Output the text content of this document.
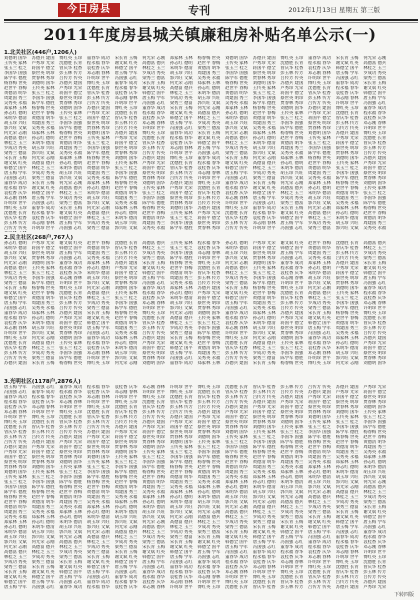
今日房县	专刊	2012年1月13日 星期五 第三版
2011年度房县城关镇廉租房补贴名单公示(一)
1.北关社区(446户,1206人)
刘德明 国华
王传英 家林
张玉兰 桂芝
李国华 国强
陈学军 德胜
杨春梅 世英
赵世平 春梅
黄德清 明华
周建国 秀兰
吴秀英 永福
郑家林 玉林
孙志红 德明
朱明华 德清
胡玉珍 兴旺
郭兴旺 文斌
何光荣 志刚
高德富 德兵
林桂芝 玉兰
罗成功 秀英
梁秀兰 德富
宋长青 玉梅
谢文斌 红英
韩德全 国平
唐玉梅 学军
冯国强 志红
董春华 成功
程永福 春华
袁桂香 庆华
邓志刚 春林
许明珍 世平
傅红英 玉珍
沈德胜 长青
曾庆华 桂香
彭玉林 传芳
吕传芳 传英
苏德兵 建国
卢秀珍 光荣
蒋国平 德全
蔡世英 明珍
贾春林 秀珍
刘德明 国华
王传英 家林
张玉兰 桂芝
李国华 国强
陈学军 德胜
杨春梅 世英
赵世平 春梅
黄德清 明华
周建国 秀兰
吴秀英 永福
郑家林 玉林
孙志红 德明
朱明华 德清
胡玉珍 兴旺
郭兴旺 文斌
何光荣 志刚
高德富 德兵
林桂芝 玉兰
罗成功 秀英
梁秀兰 德富
宋长青 玉梅
谢文斌 红英
韩德全 国平
唐玉梅 学军
冯国强 志红
董春华 成功
程永福 春华
袁桂香 庆华
邓志刚 春林
许明珍 世平
傅红英 玉珍
沈德胜 长青
曾庆华 桂香
彭玉林 传芳
吕传芳 传英
苏德兵 建国
卢秀珍 光荣
蒋国平 德全
蔡世英 明珍
贾春林 秀珍
刘德明 国华
王传英 家林
张玉兰 桂芝
李国华 国强
陈学军 德胜
杨春梅 世英
赵世平 春梅
黄德清 明华
周建国 秀兰
吴秀英 永福
郑家林 玉林
孙志红 德明
朱明华 德清
胡玉珍 兴旺
郭兴旺 文斌
何光荣 志刚
高德富 德兵
林桂芝 玉兰
罗成功 秀英
梁秀兰 德富
宋长青 玉梅
谢文斌 红英
韩德全 国平
唐玉梅 学军
冯国强 志红
董春华 成功
程永福 春华
袁桂香 庆华
邓志刚 春林
许明珍 世平
傅红英 玉珍
沈德胜 长青
曾庆华 桂香
彭玉林 传芳
吕传芳 传英
苏德兵 建国
卢秀珍 光荣
蒋国平 德全
蔡世英 明珍
贾春林 秀珍
刘德明 国华
王传英 家林
张玉兰 桂芝
李国华 国强
陈学军 德胜
杨春梅 世英
赵世平 春梅
黄德清 明华
周建国 秀兰
吴秀英 永福
郑家林 玉林
孙志红 德明
朱明华 德清
胡玉珍 兴旺
郭兴旺 文斌
何光荣 志刚
高德富 德兵
林桂芝 玉兰
罗成功 秀英
梁秀兰 德富
宋长青 玉梅
谢文斌 红英
韩德全 国平
唐玉梅 学军
冯国强 志红
董春华 成功
程永福 春华
袁桂香 庆华
邓志刚 春林
许明珍 世平
傅红英 玉珍
沈德胜 长青
曾庆华 桂香
彭玉林 传芳
吕传芳 传英
苏德兵 建国
卢秀珍 光荣
蒋国平 德全
蔡世英 明珍
贾春林 秀珍
刘德明 国华
王传英 家林
张玉兰 桂芝
李国华 国强
陈学军 德胜
杨春梅 世英
赵世平 春梅
黄德清 明华
周建国 秀兰
吴秀英 永福
郑家林 玉林
孙志红 德明
朱明华 德清
胡玉珍 兴旺
郭兴旺 文斌
何光荣 志刚
高德富 德兵
林桂芝 玉兰
罗成功 秀英
梁秀兰 德富
宋长青 玉梅
谢文斌 红英
韩德全 国平
唐玉梅 学军
冯国强 志红
董春华 成功
程永福 春华
袁桂香 庆华
邓志刚 春林
许明珍 世平
傅红英 玉珍
沈德胜 长青
曾庆华 桂香
彭玉林 传芳
吕传芳 传英
苏德兵 建国
卢秀珍 光荣
蒋国平 德全
蔡世英 明珍
贾春林 秀珍
刘德明 国华
王传英 家林
张玉兰 桂芝
李国华 国强
陈学军 德胜
杨春梅 世英
赵世平 春梅
黄德清 明华
周建国 秀兰
吴秀英 永福
郑家林 玉林
孙志红 德明
朱明华 德清
胡玉珍 兴旺
郭兴旺 文斌
何光荣 志刚
高德富 德兵
林桂芝 玉兰
罗成功 秀英
梁秀兰 德富
宋长青 玉梅
谢文斌 红英
韩德全 国平
唐玉梅 学军
冯国强 志红
董春华 成功
程永福 春华
袁桂香 庆华
邓志刚 春林
许明珍 世平
傅红英 玉珍
沈德胜 长青
曾庆华 桂香
彭玉林 传芳
吕传芳 传英
苏德兵 建国
卢秀珍 光荣
蒋国平 德全
蔡世英 明珍
贾春林 秀珍
刘德明 国华
王传英 家林
张玉兰 桂芝
李国华 国强
陈学军 德胜
杨春梅 世英
赵世平 春梅
黄德清 明华
周建国 秀兰
吴秀英 永福
郑家林 玉林
孙志红 德明
朱明华 德清
胡玉珍 兴旺
郭兴旺 文斌
何光荣 志刚
高德富 德兵
林桂芝 玉兰
罗成功 秀英
梁秀兰 德富
宋长青 玉梅
谢文斌 红英
韩德全 国平
唐玉梅 学军
冯国强 志红
董春华 成功
程永福 春华
袁桂香 庆华
邓志刚 春林
许明珍 世平
傅红英 玉珍
沈德胜 长青
曾庆华 桂香
彭玉林 传芳
吕传芳 传英
苏德兵 建国
卢秀珍 光荣
蒋国平 德全
蔡世英 明珍
贾春林 秀珍
刘德明 国华
王传英 家林
张玉兰 桂芝
李国华 国强
陈学军 德胜
杨春梅 世英
赵世平 春梅
黄德清 明华
周建国 秀兰
吴秀英 永福
郑家林 玉林
孙志红 德明
朱明华 德清
胡玉珍 兴旺
郭兴旺 文斌
何光荣 志刚
高德富 德兵
林桂芝 玉兰
罗成功 秀英
梁秀兰 德富
宋长青 玉梅
谢文斌 红英
韩德全 国平
唐玉梅 学军
冯国强 志红
董春华 成功
程永福 春华
袁桂香 庆华
邓志刚 春林
许明珍 世平
傅红英 玉珍
沈德胜 长青
曾庆华 桂香
彭玉林 传芳
吕传芳 传英
苏德兵 建国
卢秀珍 光荣
蒋国平 德全
蔡世英 明珍
贾春林 秀珍
刘德明 国华
王传英 家林
张玉兰 桂芝
李国华 国强
陈学军 德胜
杨春梅 世英
赵世平 春梅
黄德清 明华
周建国 秀兰
吴秀英 永福
郑家林 玉林
孙志红 德明
朱明华 德清
胡玉珍 兴旺
郭兴旺 文斌
何光荣 志刚
高德富 德兵
林桂芝 玉兰
罗成功 秀英
梁秀兰 德富
宋长青 玉梅
谢文斌 红英
韩德全 国平
唐玉梅 学军
冯国强 志红
董春华 成功
程永福 春华
袁桂香 庆华
邓志刚 春林
许明珍 世平
傅红英 玉珍
沈德胜 长青
曾庆华 桂香
彭玉林 传芳
吕传芳 传英
苏德兵 建国
卢秀珍 光荣
蒋国平 德全
蔡世英 明珍
贾春林 秀珍
刘德明 国华
王传英 家林
张玉兰 桂芝
李国华 国强
陈学军 德胜
杨春梅 世英
赵世平 春梅
黄德清 明华
周建国 秀兰
吴秀英 永福
郑家林 玉林
孙志红 德明
朱明华 德清
胡玉珍 兴旺
郭兴旺 文斌
何光荣 志刚
高德富 德兵
林桂芝 玉兰
罗成功 秀英
梁秀兰 德富
宋长青 玉梅
谢文斌 红英
韩德全 国平
唐玉梅 学军
冯国强 志红
董春华 成功
程永福 春华
袁桂香 庆华
邓志刚 春林
许明珍 世平
傅红英 玉珍
沈德胜 长青
曾庆华 桂香
彭玉林 传芳
吕传芳 传英
苏德兵 建国
卢秀珍 光荣
蒋国平 德全
蔡世英 明珍
贾春林 秀珍
刘德明 国华
王传英 家林
张玉兰 桂芝
李国华 国强
陈学军 德胜
杨春梅 世英
赵世平 春梅
黄德清 明华
周建国 秀兰
吴秀英 永福
郑家林 玉林
孙志红 德明
朱明华 德清
胡玉珍 兴旺
郭兴旺 文斌
何光荣 志刚
高德富 德兵
林桂芝 玉兰
罗成功 秀英
梁秀兰 德富
宋长青 玉梅
谢文斌 红英
韩德全 国平
唐玉梅 学军
冯国强 志红
董春华 成功
程永福 春华
袁桂香 庆华
邓志刚 春林
许明珍 世平
傅红英 玉珍
沈德胜 长青
曾庆华 桂香
彭玉林 传芳
吕传芳 传英
苏德兵 建国
卢秀珍 光荣
蒋国平 德全
蔡世英 明珍
贾春林 秀珍
刘德明 国华
王传英 家林
张玉兰 桂芝
李国华 国强
陈学军 德胜
杨春梅 世英
赵世平 春梅
黄德清 明华
周建国 秀兰
吴秀英 永福
郑家林 玉林
孙志红 德明
朱明华 德清
胡玉珍 兴旺
郭兴旺 文斌
何光荣 志刚
高德富 德兵
林桂芝 玉兰
罗成功 秀英
梁秀兰 德富
宋长青 玉梅
谢文斌 红英
韩德全 国平
唐玉梅 学军
冯国强 志红
董春华 成功
程永福 春华
袁桂香 庆华
邓志刚 春林
许明珍 世平
傅红英 玉珍
沈德胜 长青
曾庆华 桂香
彭玉林 传芳
吕传芳 传英
苏德兵 建国
卢秀珍 光荣
蒋国平 德全
蔡世英 明珍
贾春林 秀珍
刘德明 国华
王传英 家林
张玉兰 桂芝
李国华 国强
陈学军 德胜
杨春梅 世英
赵世平 春梅
黄德清 明华
周建国 秀兰
吴秀英 永福
2.民主社区(268户,767人)
孙志红 德明
朱明华 德清
胡玉珍 兴旺
郭兴旺 文斌
何光荣 志刚
高德富 德兵
林桂芝 玉兰
罗成功 秀英
梁秀兰 德富
宋长青 玉梅
谢文斌 红英
韩德全 国平
唐玉梅 学军
冯国强 志红
董春华 成功
程永福 春华
袁桂香 庆华
邓志刚 春林
许明珍 世平
傅红英 玉珍
沈德胜 长青
曾庆华 桂香
彭玉林 传芳
吕传芳 传英
苏德兵 建国
卢秀珍 光荣
蒋国平 德全
蔡世英 明珍
贾春林 秀珍
刘德明 国华
王传英 家林
张玉兰 桂芝
李国华 国强
陈学军 德胜
杨春梅 世英
赵世平 春梅
黄德清 明华
周建国 秀兰
吴秀英 永福
郑家林 玉林
孙志红 德明
朱明华 德清
胡玉珍 兴旺
郭兴旺 文斌
何光荣 志刚
高德富 德兵
林桂芝 玉兰
罗成功 秀英
梁秀兰 德富
宋长青 玉梅
谢文斌 红英
韩德全 国平
唐玉梅 学军
冯国强 志红
董春华 成功
程永福 春华
袁桂香 庆华
邓志刚 春林
许明珍 世平
傅红英 玉珍
沈德胜 长青
曾庆华 桂香
彭玉林 传芳
吕传芳 传英
苏德兵 建国
卢秀珍 光荣
蒋国平 德全
蔡世英 明珍
贾春林 秀珍
刘德明 国华
王传英 家林
张玉兰 桂芝
李国华 国强
陈学军 德胜
杨春梅 世英
赵世平 春梅
黄德清 明华
周建国 秀兰
吴秀英 永福
郑家林 玉林
孙志红 德明
朱明华 德清
胡玉珍 兴旺
郭兴旺 文斌
何光荣 志刚
高德富 德兵
林桂芝 玉兰
罗成功 秀英
梁秀兰 德富
宋长青 玉梅
谢文斌 红英
韩德全 国平
唐玉梅 学军
冯国强 志红
董春华 成功
程永福 春华
袁桂香 庆华
邓志刚 春林
许明珍 世平
傅红英 玉珍
沈德胜 长青
曾庆华 桂香
彭玉林 传芳
吕传芳 传英
苏德兵 建国
卢秀珍 光荣
蒋国平 德全
蔡世英 明珍
贾春林 秀珍
刘德明 国华
王传英 家林
张玉兰 桂芝
李国华 国强
陈学军 德胜
杨春梅 世英
赵世平 春梅
黄德清 明华
周建国 秀兰
吴秀英 永福
郑家林 玉林
孙志红 德明
朱明华 德清
胡玉珍 兴旺
郭兴旺 文斌
何光荣 志刚
高德富 德兵
林桂芝 玉兰
罗成功 秀英
梁秀兰 德富
宋长青 玉梅
谢文斌 红英
韩德全 国平
唐玉梅 学军
冯国强 志红
董春华 成功
程永福 春华
袁桂香 庆华
邓志刚 春林
许明珍 世平
傅红英 玉珍
沈德胜 长青
曾庆华 桂香
彭玉林 传芳
吕传芳 传英
苏德兵 建国
卢秀珍 光荣
蒋国平 德全
蔡世英 明珍
贾春林 秀珍
刘德明 国华
王传英 家林
张玉兰 桂芝
李国华 国强
陈学军 德胜
杨春梅 世英
赵世平 春梅
黄德清 明华
周建国 秀兰
吴秀英 永福
郑家林 玉林
孙志红 德明
朱明华 德清
胡玉珍 兴旺
郭兴旺 文斌
何光荣 志刚
高德富 德兵
林桂芝 玉兰
罗成功 秀英
梁秀兰 德富
宋长青 玉梅
谢文斌 红英
韩德全 国平
唐玉梅 学军
冯国强 志红
董春华 成功
程永福 春华
袁桂香 庆华
邓志刚 春林
许明珍 世平
傅红英 玉珍
沈德胜 长青
曾庆华 桂香
彭玉林 传芳
吕传芳 传英
苏德兵 建国
卢秀珍 光荣
蒋国平 德全
蔡世英 明珍
贾春林 秀珍
刘德明 国华
王传英 家林
张玉兰 桂芝
李国华 国强
陈学军 德胜
杨春梅 世英
赵世平 春梅
黄德清 明华
周建国 秀兰
吴秀英 永福
郑家林 玉林
孙志红 德明
朱明华 德清
胡玉珍 兴旺
郭兴旺 文斌
何光荣 志刚
高德富 德兵
林桂芝 玉兰
罗成功 秀英
梁秀兰 德富
宋长青 玉梅
谢文斌 红英
韩德全 国平
唐玉梅 学军
冯国强 志红
董春华 成功
程永福 春华
袁桂香 庆华
邓志刚 春林
许明珍 世平
傅红英 玉珍
沈德胜 长青
曾庆华 桂香
彭玉林 传芳
吕传芳 传英
苏德兵 建国
卢秀珍 光荣
蒋国平 德全
蔡世英 明珍
贾春林 秀珍
刘德明 国华
王传英 家林
张玉兰 桂芝
李国华 国强
陈学军 德胜
杨春梅 世英
赵世平 春梅
黄德清 明华
周建国 秀兰
吴秀英 永福
郑家林 玉林
孙志红 德明
朱明华 德清
胡玉珍 兴旺
郭兴旺 文斌
何光荣 志刚
高德富 德兵
林桂芝 玉兰
罗成功 秀英
梁秀兰 德富
宋长青 玉梅
谢文斌 红英
韩德全 国平
唐玉梅 学军
冯国强 志红
董春华 成功
程永福 春华
袁桂香 庆华
邓志刚 春林
许明珍 世平
傅红英 玉珍
沈德胜 长青
曾庆华 桂香
彭玉林 传芳
吕传芳 传英
苏德兵 建国
卢秀珍 光荣
蒋国平 德全
蔡世英 明珍
贾春林 秀珍
刘德明 国华
王传英 家林
张玉兰 桂芝
李国华 国强
陈学军 德胜
杨春梅 世英
赵世平 春梅
黄德清 明华
周建国 秀兰
吴秀英 永福
郑家林 玉林
孙志红 德明
朱明华 德清
胡玉珍 兴旺
郭兴旺 文斌
何光荣 志刚
高德富 德兵
林桂芝 玉兰
罗成功 秀英
梁秀兰 德富
宋长青 玉梅
谢文斌 红英
韩德全 国平
唐玉梅 学军
冯国强 志红
董春华 成功
程永福 春华
袁桂香 庆华
邓志刚 春林
许明珍 世平
傅红英 玉珍
沈德胜 长青
曾庆华 桂香
彭玉林 传芳
吕传芳 传英
苏德兵 建国
卢秀珍 光荣
蒋国平 德全
蔡世英 明珍
贾春林 秀珍
刘德明 国华
王传英 家林
张玉兰 桂芝
李国华 国强
陈学军 德胜
杨春梅 世英
赵世平 春梅
黄德清 明华
周建国 秀兰
吴秀英 永福
郑家林 玉林
孙志红 德明
朱明华 德清
胡玉珍 兴旺
郭兴旺 文斌
何光荣 志刚
高德富 德兵
林桂芝 玉兰
罗成功 秀英
梁秀兰 德富
宋长青 玉梅
谢文斌 红英
韩德全 国平
唐玉梅 学军
冯国强 志红
董春华 成功
程永福 春华
袁桂香 庆华
邓志刚 春林
许明珍 世平
傅红英 玉珍
沈德胜 长青
曾庆华 桂香
彭玉林 传芳
吕传芳 传英
苏德兵 建国
卢秀珍 光荣
蒋国平 德全
蔡世英 明珍
贾春林 秀珍
刘德明 国华
3.光明社区(1178户,2876人)
唐玉梅 学军
冯国强 志红
董春华 成功
程永福 春华
袁桂香 庆华
邓志刚 春林
许明珍 世平
傅红英 玉珍
沈德胜 长青
曾庆华 桂香
彭玉林 传芳
吕传芳 传英
苏德兵 建国
卢秀珍 光荣
蒋国平 德全
蔡世英 明珍
贾春林 秀珍
刘德明 国华
王传英 家林
张玉兰 桂芝
李国华 国强
陈学军 德胜
杨春梅 世英
赵世平 春梅
黄德清 明华
周建国 秀兰
吴秀英 永福
郑家林 玉林
孙志红 德明
朱明华 德清
胡玉珍 兴旺
郭兴旺 文斌
何光荣 志刚
高德富 德兵
林桂芝 玉兰
罗成功 秀英
梁秀兰 德富
宋长青 玉梅
谢文斌 红英
韩德全 国平
唐玉梅 学军
冯国强 志红
董春华 成功
程永福 春华
袁桂香 庆华
邓志刚 春林
许明珍 世平
傅红英 玉珍
沈德胜 长青
曾庆华 桂香
彭玉林 传芳
吕传芳 传英
苏德兵 建国
卢秀珍 光荣
蒋国平 德全
蔡世英 明珍
贾春林 秀珍
刘德明 国华
王传英 家林
张玉兰 桂芝
李国华 国强
陈学军 德胜
杨春梅 世英
赵世平 春梅
黄德清 明华
周建国 秀兰
吴秀英 永福
郑家林 玉林
孙志红 德明
朱明华 德清
胡玉珍 兴旺
郭兴旺 文斌
何光荣 志刚
高德富 德兵
林桂芝 玉兰
罗成功 秀英
梁秀兰 德富
宋长青 玉梅
谢文斌 红英
韩德全 国平
唐玉梅 学军
冯国强 志红
董春华 成功
程永福 春华
袁桂香 庆华
邓志刚 春林
许明珍 世平
傅红英 玉珍
沈德胜 长青
曾庆华 桂香
彭玉林 传芳
吕传芳 传英
苏德兵 建国
卢秀珍 光荣
蒋国平 德全
蔡世英 明珍
贾春林 秀珍
刘德明 国华
王传英 家林
张玉兰 桂芝
李国华 国强
陈学军 德胜
杨春梅 世英
赵世平 春梅
黄德清 明华
周建国 秀兰
吴秀英 永福
郑家林 玉林
孙志红 德明
朱明华 德清
胡玉珍 兴旺
郭兴旺 文斌
何光荣 志刚
高德富 德兵
林桂芝 玉兰
罗成功 秀英
梁秀兰 德富
宋长青 玉梅
谢文斌 红英
韩德全 国平
唐玉梅 学军
冯国强 志红
董春华 成功
程永福 春华
袁桂香 庆华
邓志刚 春林
许明珍 世平
傅红英 玉珍
沈德胜 长青
曾庆华 桂香
彭玉林 传芳
吕传芳 传英
苏德兵 建国
卢秀珍 光荣
蒋国平 德全
蔡世英 明珍
贾春林 秀珍
刘德明 国华
王传英 家林
张玉兰 桂芝
李国华 国强
陈学军 德胜
杨春梅 世英
赵世平 春梅
黄德清 明华
周建国 秀兰
吴秀英 永福
郑家林 玉林
孙志红 德明
朱明华 德清
胡玉珍 兴旺
郭兴旺 文斌
何光荣 志刚
高德富 德兵
林桂芝 玉兰
罗成功 秀英
梁秀兰 德富
宋长青 玉梅
谢文斌 红英
韩德全 国平
唐玉梅 学军
冯国强 志红
董春华 成功
程永福 春华
袁桂香 庆华
邓志刚 春林
许明珍 世平
傅红英 玉珍
沈德胜 长青
曾庆华 桂香
彭玉林 传芳
吕传芳 传英
苏德兵 建国
卢秀珍 光荣
蒋国平 德全
蔡世英 明珍
贾春林 秀珍
刘德明 国华
王传英 家林
张玉兰 桂芝
李国华 国强
陈学军 德胜
杨春梅 世英
赵世平 春梅
黄德清 明华
周建国 秀兰
吴秀英 永福
郑家林 玉林
孙志红 德明
朱明华 德清
胡玉珍 兴旺
郭兴旺 文斌
何光荣 志刚
高德富 德兵
林桂芝 玉兰
罗成功 秀英
梁秀兰 德富
宋长青 玉梅
谢文斌 红英
韩德全 国平
唐玉梅 学军
冯国强 志红
董春华 成功
程永福 春华
袁桂香 庆华
邓志刚 春林
许明珍 世平
傅红英 玉珍
沈德胜 长青
曾庆华 桂香
彭玉林 传芳
吕传芳 传英
苏德兵 建国
卢秀珍 光荣
蒋国平 德全
蔡世英 明珍
贾春林 秀珍
刘德明 国华
王传英 家林
张玉兰 桂芝
李国华 国强
陈学军 德胜
杨春梅 世英
赵世平 春梅
黄德清 明华
周建国 秀兰
吴秀英 永福
郑家林 玉林
孙志红 德明
朱明华 德清
胡玉珍 兴旺
郭兴旺 文斌
何光荣 志刚
高德富 德兵
林桂芝 玉兰
罗成功 秀英
梁秀兰 德富
宋长青 玉梅
谢文斌 红英
韩德全 国平
唐玉梅 学军
冯国强 志红
董春华 成功
程永福 春华
袁桂香 庆华
邓志刚 春林
许明珍 世平
傅红英 玉珍
沈德胜 长青
曾庆华 桂香
彭玉林 传芳
吕传芳 传英
苏德兵 建国
卢秀珍 光荣
蒋国平 德全
蔡世英 明珍
贾春林 秀珍
刘德明 国华
王传英 家林
张玉兰 桂芝
李国华 国强
陈学军 德胜
杨春梅 世英
赵世平 春梅
黄德清 明华
周建国 秀兰
吴秀英 永福
郑家林 玉林
孙志红 德明
朱明华 德清
胡玉珍 兴旺
郭兴旺 文斌
何光荣 志刚
高德富 德兵
林桂芝 玉兰
罗成功 秀英
梁秀兰 德富
宋长青 玉梅
谢文斌 红英
韩德全 国平
唐玉梅 学军
冯国强 志红
董春华 成功
程永福 春华
袁桂香 庆华
邓志刚 春林
许明珍 世平
傅红英 玉珍
沈德胜 长青
曾庆华 桂香
彭玉林 传芳
吕传芳 传英
苏德兵 建国
卢秀珍 光荣
蒋国平 德全
蔡世英 明珍
贾春林 秀珍
刘德明 国华
王传英 家林
张玉兰 桂芝
李国华 国强
陈学军 德胜
杨春梅 世英
赵世平 春梅
黄德清 明华
周建国 秀兰
吴秀英 永福
郑家林 玉林
孙志红 德明
朱明华 德清
胡玉珍 兴旺
郭兴旺 文斌
何光荣 志刚
高德富 德兵
林桂芝 玉兰
罗成功 秀英
梁秀兰 德富
宋长青 玉梅
谢文斌 红英
韩德全 国平
唐玉梅 学军
冯国强 志红
董春华 成功
程永福 春华
袁桂香 庆华
邓志刚 春林
许明珍 世平
傅红英 玉珍
沈德胜 长青
曾庆华 桂香
彭玉林 传芳
吕传芳 传英
苏德兵 建国
卢秀珍 光荣
蒋国平 德全
蔡世英 明珍
贾春林 秀珍
刘德明 国华
王传英 家林
张玉兰 桂芝
李国华 国强
陈学军 德胜
杨春梅 世英
赵世平 春梅
黄德清 明华
周建国 秀兰
吴秀英 永福
郑家林 玉林
孙志红 德明
朱明华 德清
胡玉珍 兴旺
郭兴旺 文斌
何光荣 志刚
高德富 德兵
林桂芝 玉兰
罗成功 秀英
梁秀兰 德富
宋长青 玉梅
谢文斌 红英
韩德全 国平
唐玉梅 学军
冯国强 志红
董春华 成功
程永福 春华
袁桂香 庆华
邓志刚 春林
许明珍 世平
傅红英 玉珍
沈德胜 长青
曾庆华 桂香
彭玉林 传芳
吕传芳 传英
苏德兵 建国
卢秀珍 光荣
蒋国平 德全
蔡世英 明珍
贾春林 秀珍
刘德明 国华
王传英 家林
张玉兰 桂芝
李国华 国强
陈学军 德胜
杨春梅 世英
赵世平 春梅
黄德清 明华
周建国 秀兰
吴秀英 永福
郑家林 玉林
孙志红 德明
朱明华 德清
胡玉珍 兴旺
郭兴旺 文斌
何光荣 志刚
高德富 德兵
林桂芝 玉兰
罗成功 秀英
梁秀兰 德富
宋长青 玉梅
谢文斌 红英
韩德全 国平
唐玉梅 学军
冯国强 志红
董春华 成功
程永福 春华
袁桂香 庆华
邓志刚 春林
许明珍 世平
傅红英 玉珍
沈德胜 长青
曾庆华 桂香
彭玉林 传芳
吕传芳 传英
苏德兵 建国
卢秀珍 光荣
蒋国平 德全
蔡世英 明珍
贾春林 秀珍
刘德明 国华
王传英 家林
张玉兰 桂芝
李国华 国强
陈学军 德胜
杨春梅 世英
赵世平 春梅
黄德清 明华
周建国 秀兰
吴秀英 永福
郑家林 玉林
孙志红 德明
朱明华 德清
胡玉珍 兴旺
郭兴旺 文斌
何光荣 志刚
高德富 德兵
林桂芝 玉兰
罗成功 秀英
梁秀兰 德富
宋长青 玉梅
谢文斌 红英
韩德全 国平
唐玉梅 学军
冯国强 志红
董春华 成功
程永福 春华
袁桂香 庆华
邓志刚 春林
许明珍 世平
傅红英 玉珍
沈德胜 长青
曾庆华 桂香
彭玉林 传芳
吕传芳 传英
苏德兵 建国
卢秀珍 光荣
蒋国平 德全
蔡世英 明珍
贾春林 秀珍
刘德明 国华
王传英 家林
张玉兰 桂芝
李国华 国强
陈学军 德胜
杨春梅 世英
赵世平 春梅
黄德清 明华
周建国 秀兰
吴秀英 永福
郑家林 玉林
孙志红 德明
朱明华 德清
胡玉珍 兴旺
郭兴旺 文斌
何光荣 志刚
高德富 德兵
林桂芝 玉兰
罗成功 秀英
梁秀兰 德富
宋长青 玉梅
谢文斌 红英
韩德全 国平
唐玉梅 学军
冯国强 志红
董春华 成功
程永福 春华
袁桂香 庆华
邓志刚 春林
许明珍 世平
傅红英 玉珍
沈德胜 长青
曾庆华 桂香
彭玉林 传芳
吕传芳 传英
苏德兵 建国
卢秀珍 光荣
蒋国平 德全
蔡世英 明珍
贾春林 秀珍
刘德明 国华
王传英 家林
张玉兰 桂芝
李国华 国强
陈学军 德胜
杨春梅 世英
赵世平 春梅
黄德清 明华
周建国 秀兰
吴秀英 永福
郑家林 玉林
孙志红 德明
朱明华 德清
胡玉珍 兴旺
郭兴旺 文斌
何光荣 志刚
高德富 德兵
林桂芝 玉兰
罗成功 秀英
梁秀兰 德富
宋长青 玉梅
谢文斌 红英
韩德全 国平
唐玉梅 学军
冯国强 志红
董春华 成功
程永福 春华
袁桂香 庆华
邓志刚 春林
许明珍 世平
傅红英 玉珍
沈德胜 长青
曾庆华 桂香
彭玉林 传芳
吕传芳 传英
苏德兵 建国
卢秀珍 光荣
蒋国平 德全
蔡世英 明珍
贾春林 秀珍
刘德明 国华
王传英 家林
张玉兰 桂芝
李国华 国强
陈学军 德胜
杨春梅 世英
赵世平 春梅
黄德清 明华
周建国 秀兰
吴秀英 永福
郑家林 玉林
孙志红 德明
朱明华 德清
胡玉珍 兴旺
郭兴旺 文斌
何光荣 志刚
高德富 德兵
林桂芝 玉兰
罗成功 秀英
梁秀兰 德富
宋长青 玉梅
谢文斌 红英
韩德全 国平
唐玉梅 学军
冯国强 志红
董春华 成功
程永福 春华
袁桂香 庆华
邓志刚 春林
许明珍 世平
傅红英 玉珍
沈德胜 长青
曾庆华 桂香
彭玉林 传芳
吕传芳 传英
苏德兵 建国
卢秀珍 光荣
下转四版
